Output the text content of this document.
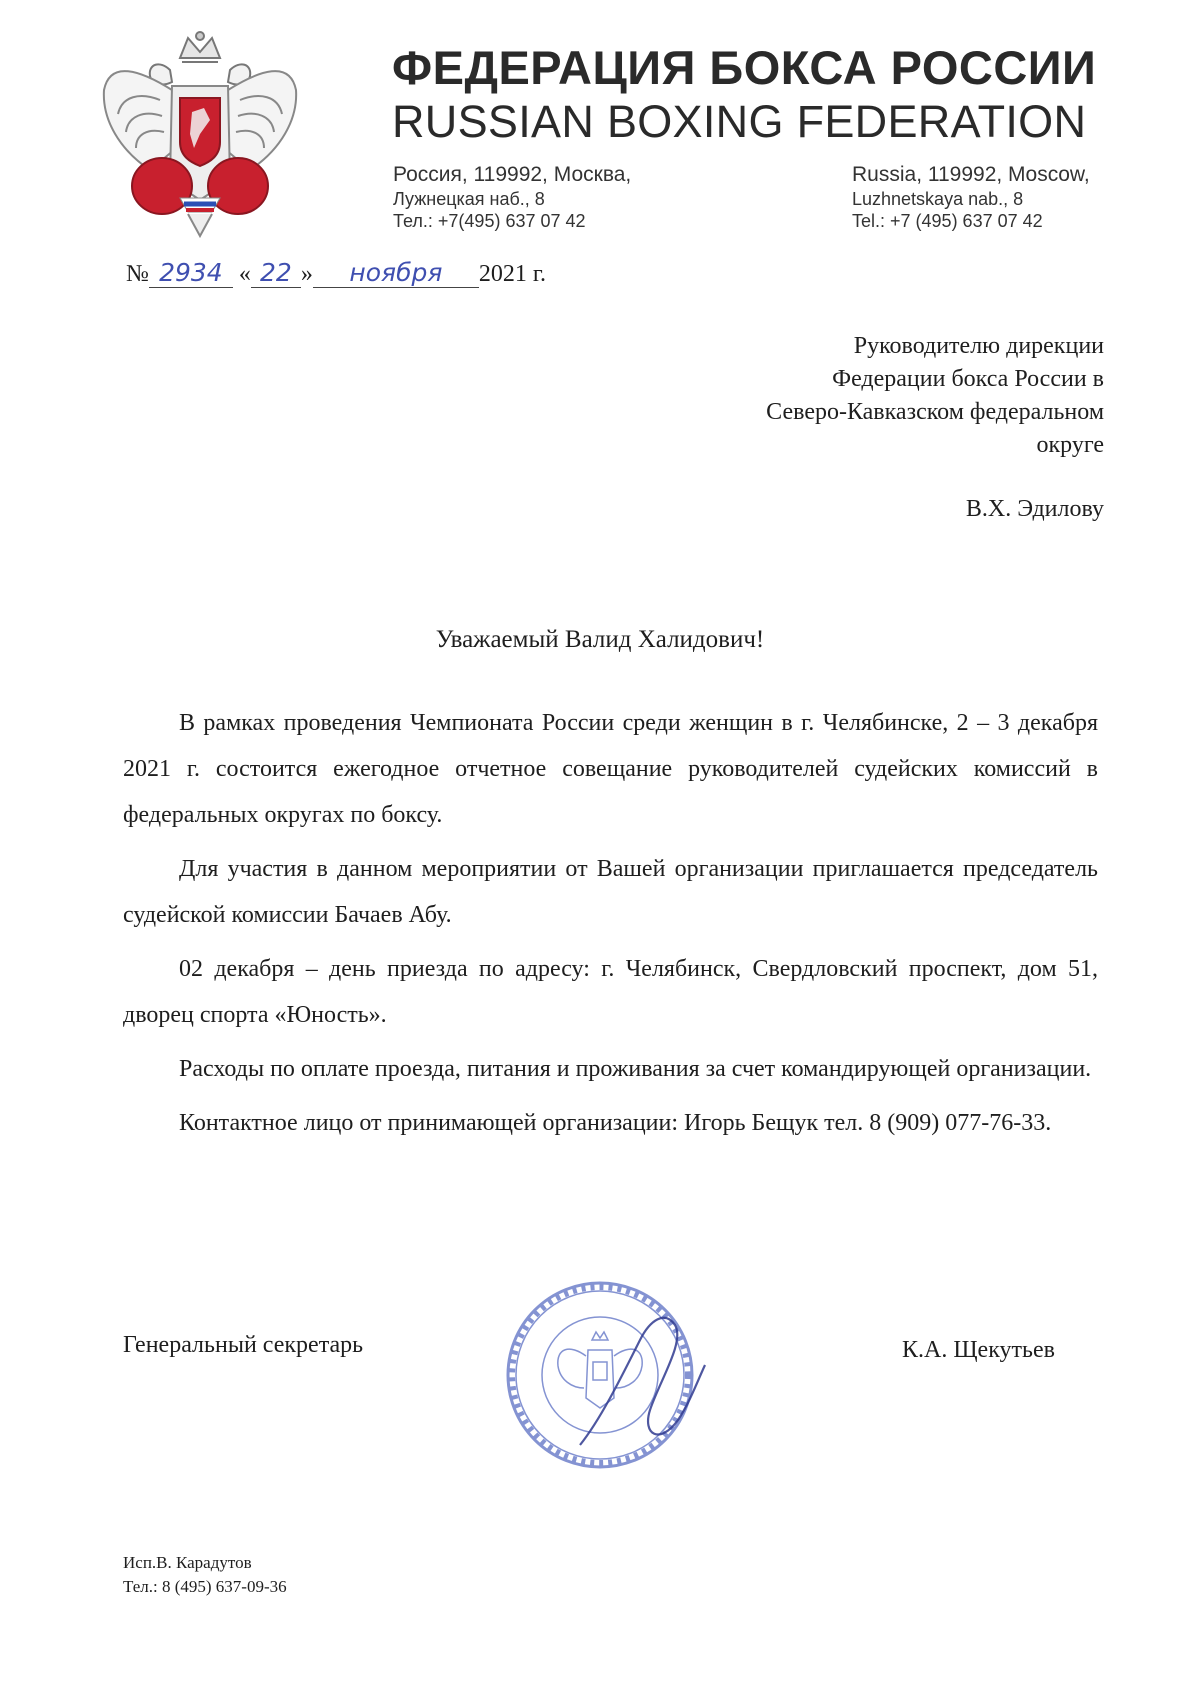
ФЕДЕРАЦИЯ БОКСА РОССИИ
RUSSIAN BOXING FEDERATION
Россия, 119992, Москва,
Лужнецкая наб., 8
Тел.: +7(495) 637 07 42
Russia, 119992, Moscow,
Luzhnetskaya nab., 8
Tel.: +7 (495) 637 07 42
№ 2934 « 22 » ноября 2021 г.
Руководителю дирекции
Федерации бокса России в
Северо-Кавказском федеральном
округе
В.Х. Эдилову
Уважаемый Валид Халидович!

В рамках проведения Чемпионата России среди женщин в г. Челябинске, 2 – 3 декабря 2021 г. состоится ежегодное отчетное совещание руководителей судейских комиссий в федеральных округах по боксу.

Для участия в данном мероприятии от Вашей организации приглашается председатель судейской комиссии Бачаев Абу.

02 декабря – день приезда по адресу: г. Челябинск, Свердловский проспект, дом 51, дворец спорта «Юность».

Расходы по оплате проезда, питания и проживания за счет командирующей организации.

Контактное лицо от принимающей организации: Игорь Бещук тел. 8 (909) 077-76-33.

Генеральный секретарь	К.А. Щекутьев
Исп.В. Карадутов
Тел.: 8 (495) 637-09-36
